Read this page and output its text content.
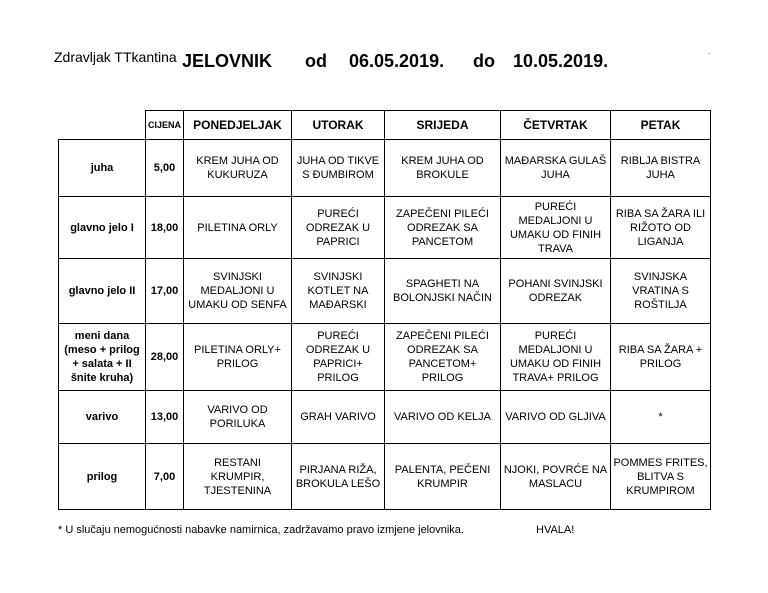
Zdravljak TTkantina JELOVNIK od 06.05.2019. do 10.05.2019.	.
	CIJENA	PONEDJELJAK	UTORAK	SRIJEDA	ČETVRTAK	PETAK
juha	5,00	KREM JUHA OD KUKURUZA	JUHA OD TIKVE S ĐUMBIROM	KREM JUHA OD BROKULE	MAĐARSKA GULAŠ JUHA	RIBLJA BISTRA JUHA
glavno jelo I	18,00	PILETINA ORLY	PUREĆI ODREZAK U PAPRICI	ZAPEČENI PILEĆI ODREZAK SA PANCETOM	PUREĆI MEDALJONI U UMAKU OD FINIH TRAVA	RIBA SA ŽARA ILI RIŽOTO OD LIGANJA
glavno jelo II	17,00	SVINJSKI MEDALJONI U UMAKU OD SENFA	SVINJSKI KOTLET NA MAĐARSKI	SPAGHETI NA BOLONJSKI NAČIN	POHANI SVINJSKI ODREZAK	SVINJSKA VRATINA S ROŠTILJA
meni dana (meso + prilog + salata + II šnite kruha)	28,00	PILETINA ORLY+ PRILOG	PUREĆI ODREZAK U PAPRICI+ PRILOG	ZAPEČENI PILEĆI ODREZAK SA PANCETOM+ PRILOG	PUREĆI MEDALJONI U UMAKU OD FINIH TRAVA+ PRILOG	RIBA SA ŽARA + PRILOG
varivo	13,00	VARIVO OD PORILUKA	GRAH VARIVO	VARIVO OD KELJA	VARIVO OD GLJIVA	*
prilog	7,00	RESTANI KRUMPIR, TJESTENINA	PIRJANA RIŽA, BROKULA LEŠO	PALENTA, PEČENI KRUMPIR	NJOKI, POVRĆE NA MASLACU	POMMES FRITES, BLITVA S KRUMPIROM
* U slučaju nemogućnosti nabavke namirnica, zadržavamo pravo izmjene jelovnika.	HVALA!
